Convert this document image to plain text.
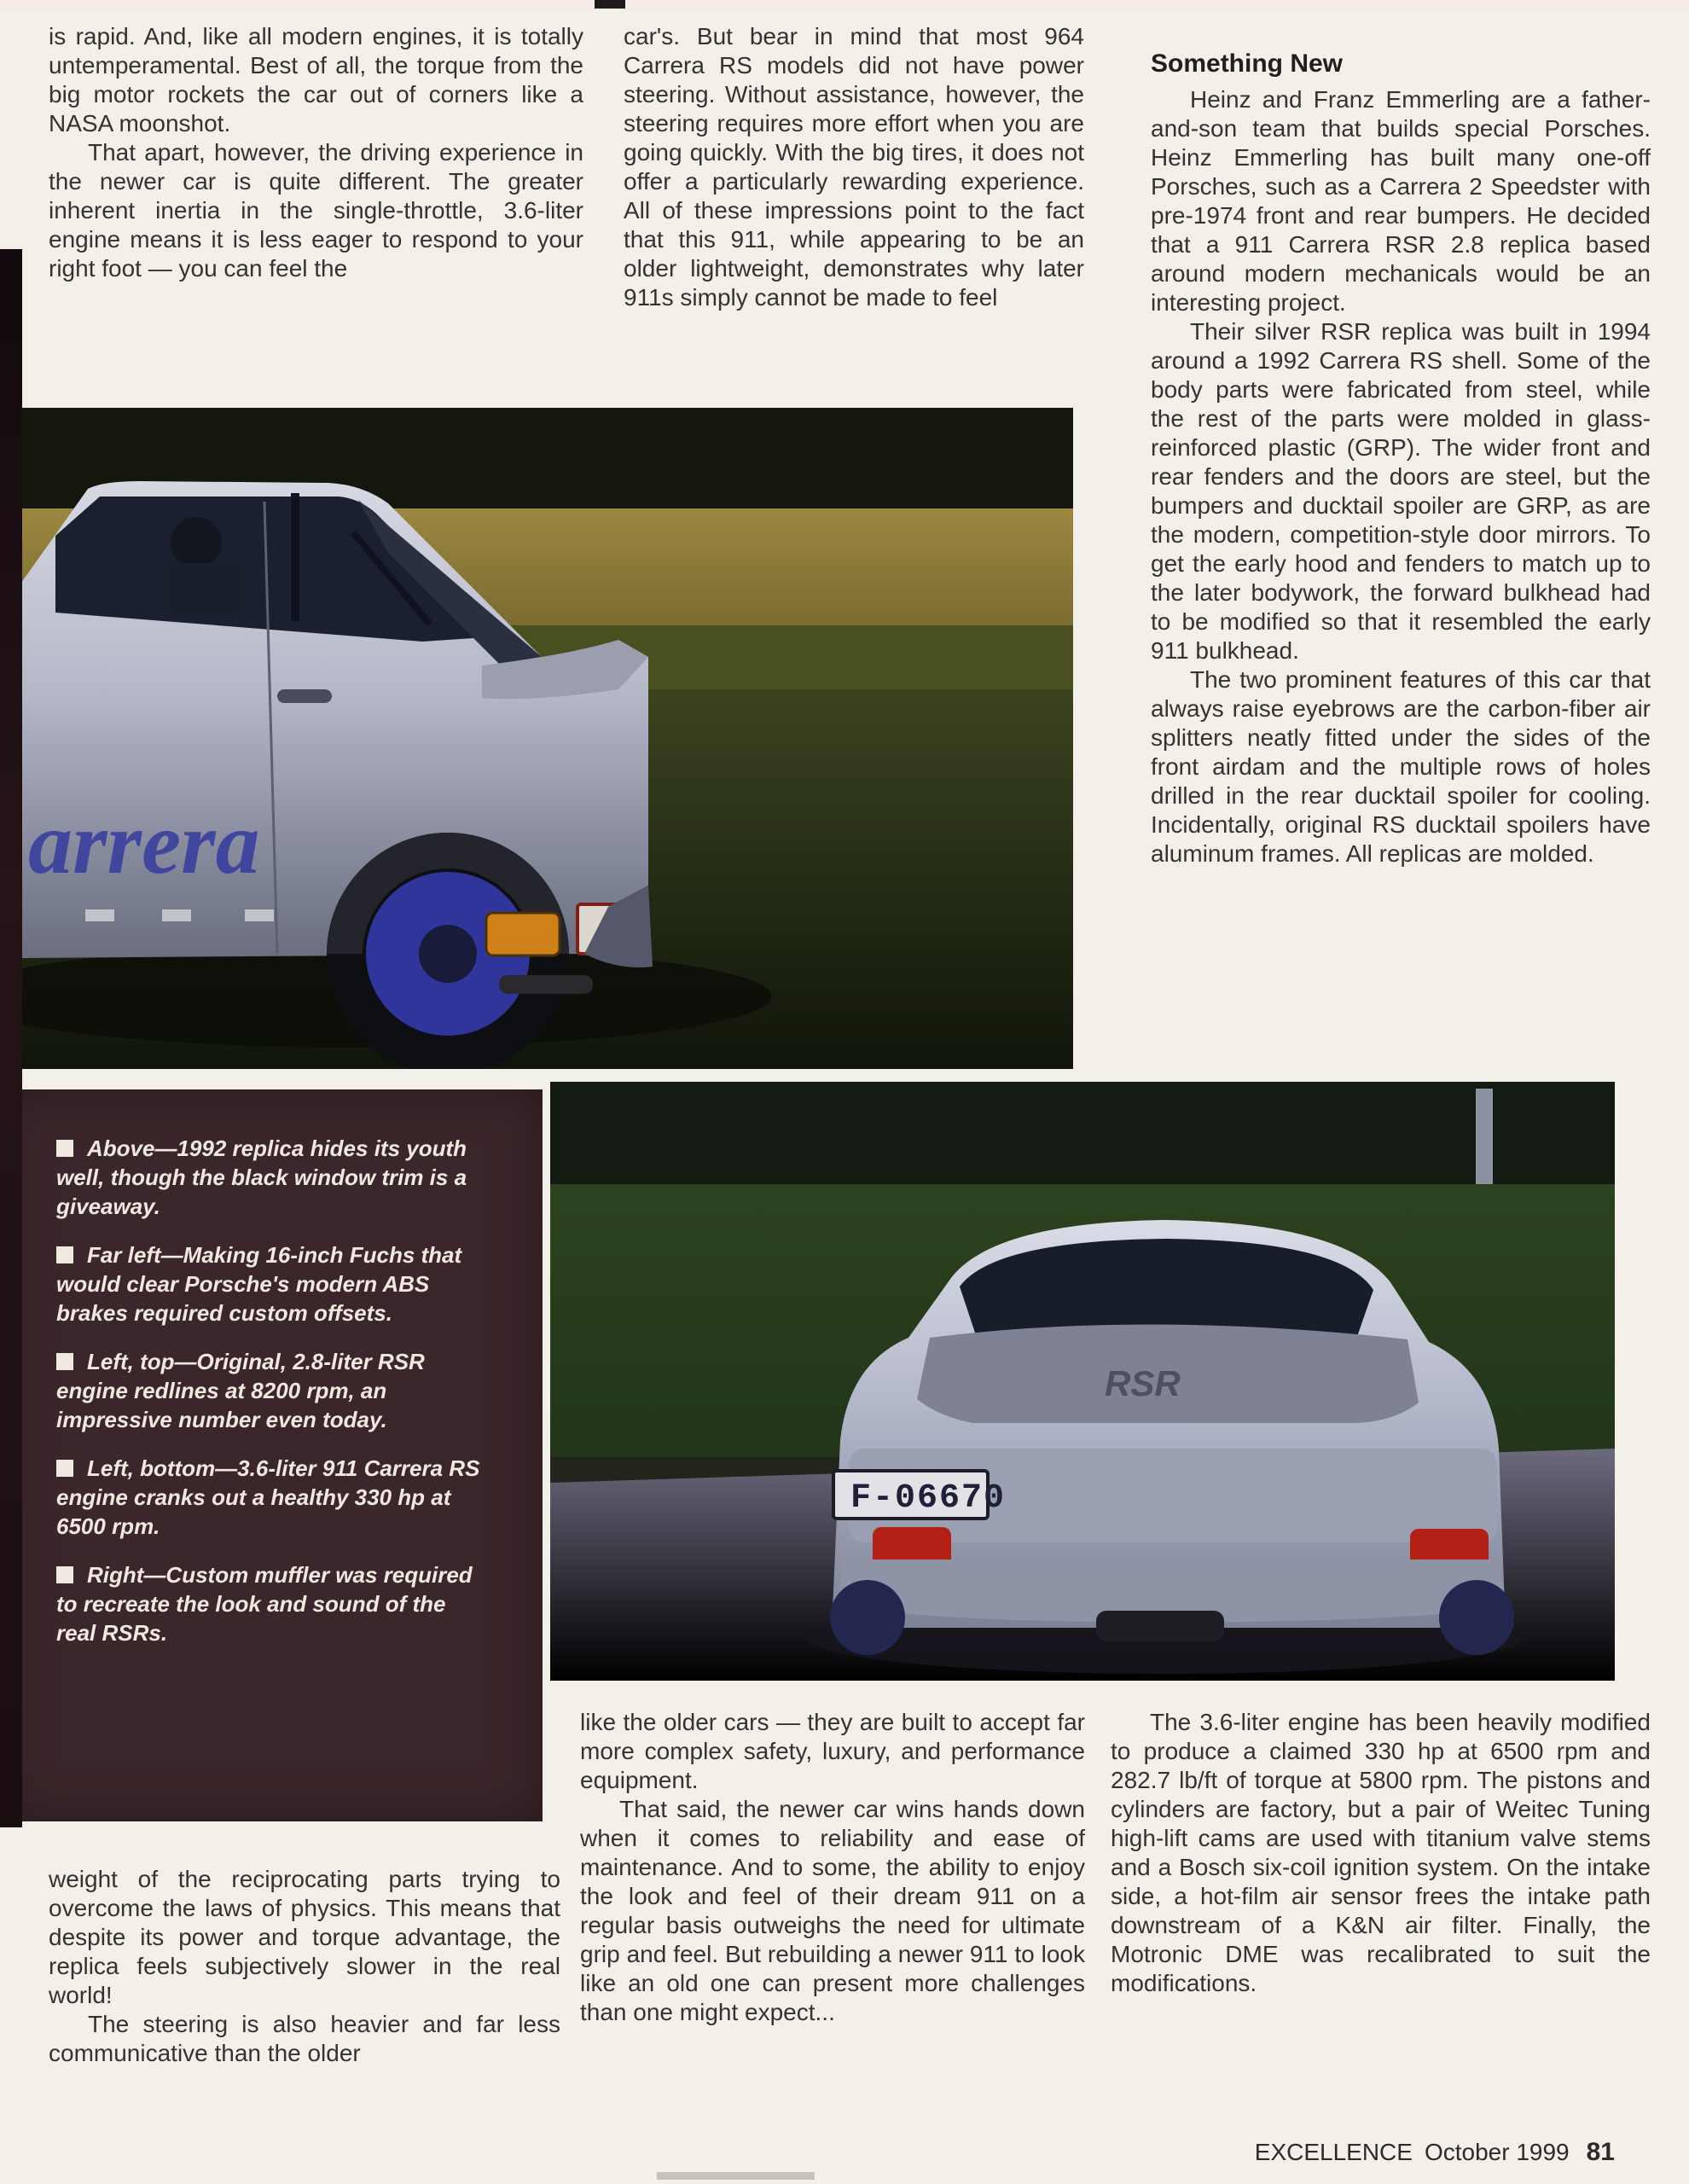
is rapid. And, like all modern engines, it is totally untemperamental. Best of all, the torque from the big motor rockets the car out of corners like a NASA moonshot.

That apart, however, the driving experience in the newer car is quite different. The greater inherent inertia in the single-throttle, 3.6-liter engine means it is less eager to respond to your right foot — you can feel the

car's. But bear in mind that most 964 Carrera RS models did not have power steering. Without assistance, however, the steering requires more effort when you are going quickly. With the big tires, it does not offer a particularly rewarding experience. All of these impressions point to the fact that this 911, while appearing to be an older lightweight, demonstrates why later 911s simply cannot be made to feel

Something New

Heinz and Franz Emmerling are a father-and-son team that builds special Porsches. Heinz Emmerling has built many one-off Porsches, such as a Carrera 2 Speedster with pre-1974 front and rear bumpers. He decided that a 911 Carrera RSR 2.8 replica based around modern mechanicals would be an interesting project.

Their silver RSR replica was built in 1994 around a 1992 Carrera RS shell. Some of the body parts were fabricated from steel, while the rest of the parts were molded in glass-reinforced plastic (GRP). The wider front and rear fenders and the doors are steel, but the bumpers and ducktail spoiler are GRP, as are the modern, competition-style door mirrors. To get the early hood and fenders to match up to the later bodywork, the forward bulkhead had to be modified so that it resembled the early 911 bulkhead.

The two prominent features of this car that always raise eyebrows are the carbon-fiber air splitters neatly fitted under the sides of the front airdam and the multiple rows of holes drilled in the rear ducktail spoiler for cooling. Incidentally, original RS ducktail spoilers have aluminum frames. All replicas are molded.

arrera

Above—1992 replica hides its youth well, though the black window trim is a giveaway.

Far left—Making 16-inch Fuchs that would clear Porsche's modern ABS brakes required custom offsets.

Left, top—Original, 2.8-liter RSR engine redlines at 8200 rpm, an impressive number even today.

Left, bottom—3.6-liter 911 Carrera RS engine cranks out a healthy 330 hp at 6500 rpm.

Right—Custom muffler was required to recreate the look and sound of the real RSRs.

RSR
F-06670

weight of the reciprocating parts trying to overcome the laws of physics. This means that despite its power and torque advantage, the replica feels subjectively slower in the real world!

The steering is also heavier and far less communicative than the older

like the older cars — they are built to accept far more complex safety, luxury, and performance equipment.

That said, the newer car wins hands down when it comes to reliability and ease of maintenance. And to some, the ability to enjoy the look and feel of their dream 911 on a regular basis outweighs the need for ultimate grip and feel. But rebuilding a newer 911 to look like an old one can present more challenges than one might expect...

The 3.6-liter engine has been heavily modified to produce a claimed 330 hp at 6500 rpm and 282.7 lb/ft of torque at 5800 rpm. The pistons and cylinders are factory, but a pair of Weitec Tuning high-lift cams are used with titanium valve stems and a Bosch six-coil ignition system. On the intake side, a hot-film air sensor frees the intake path downstream of a K&N air filter. Finally, the Motronic DME was recalibrated to suit the modifications.

EXCELLENCE October 1999 81
